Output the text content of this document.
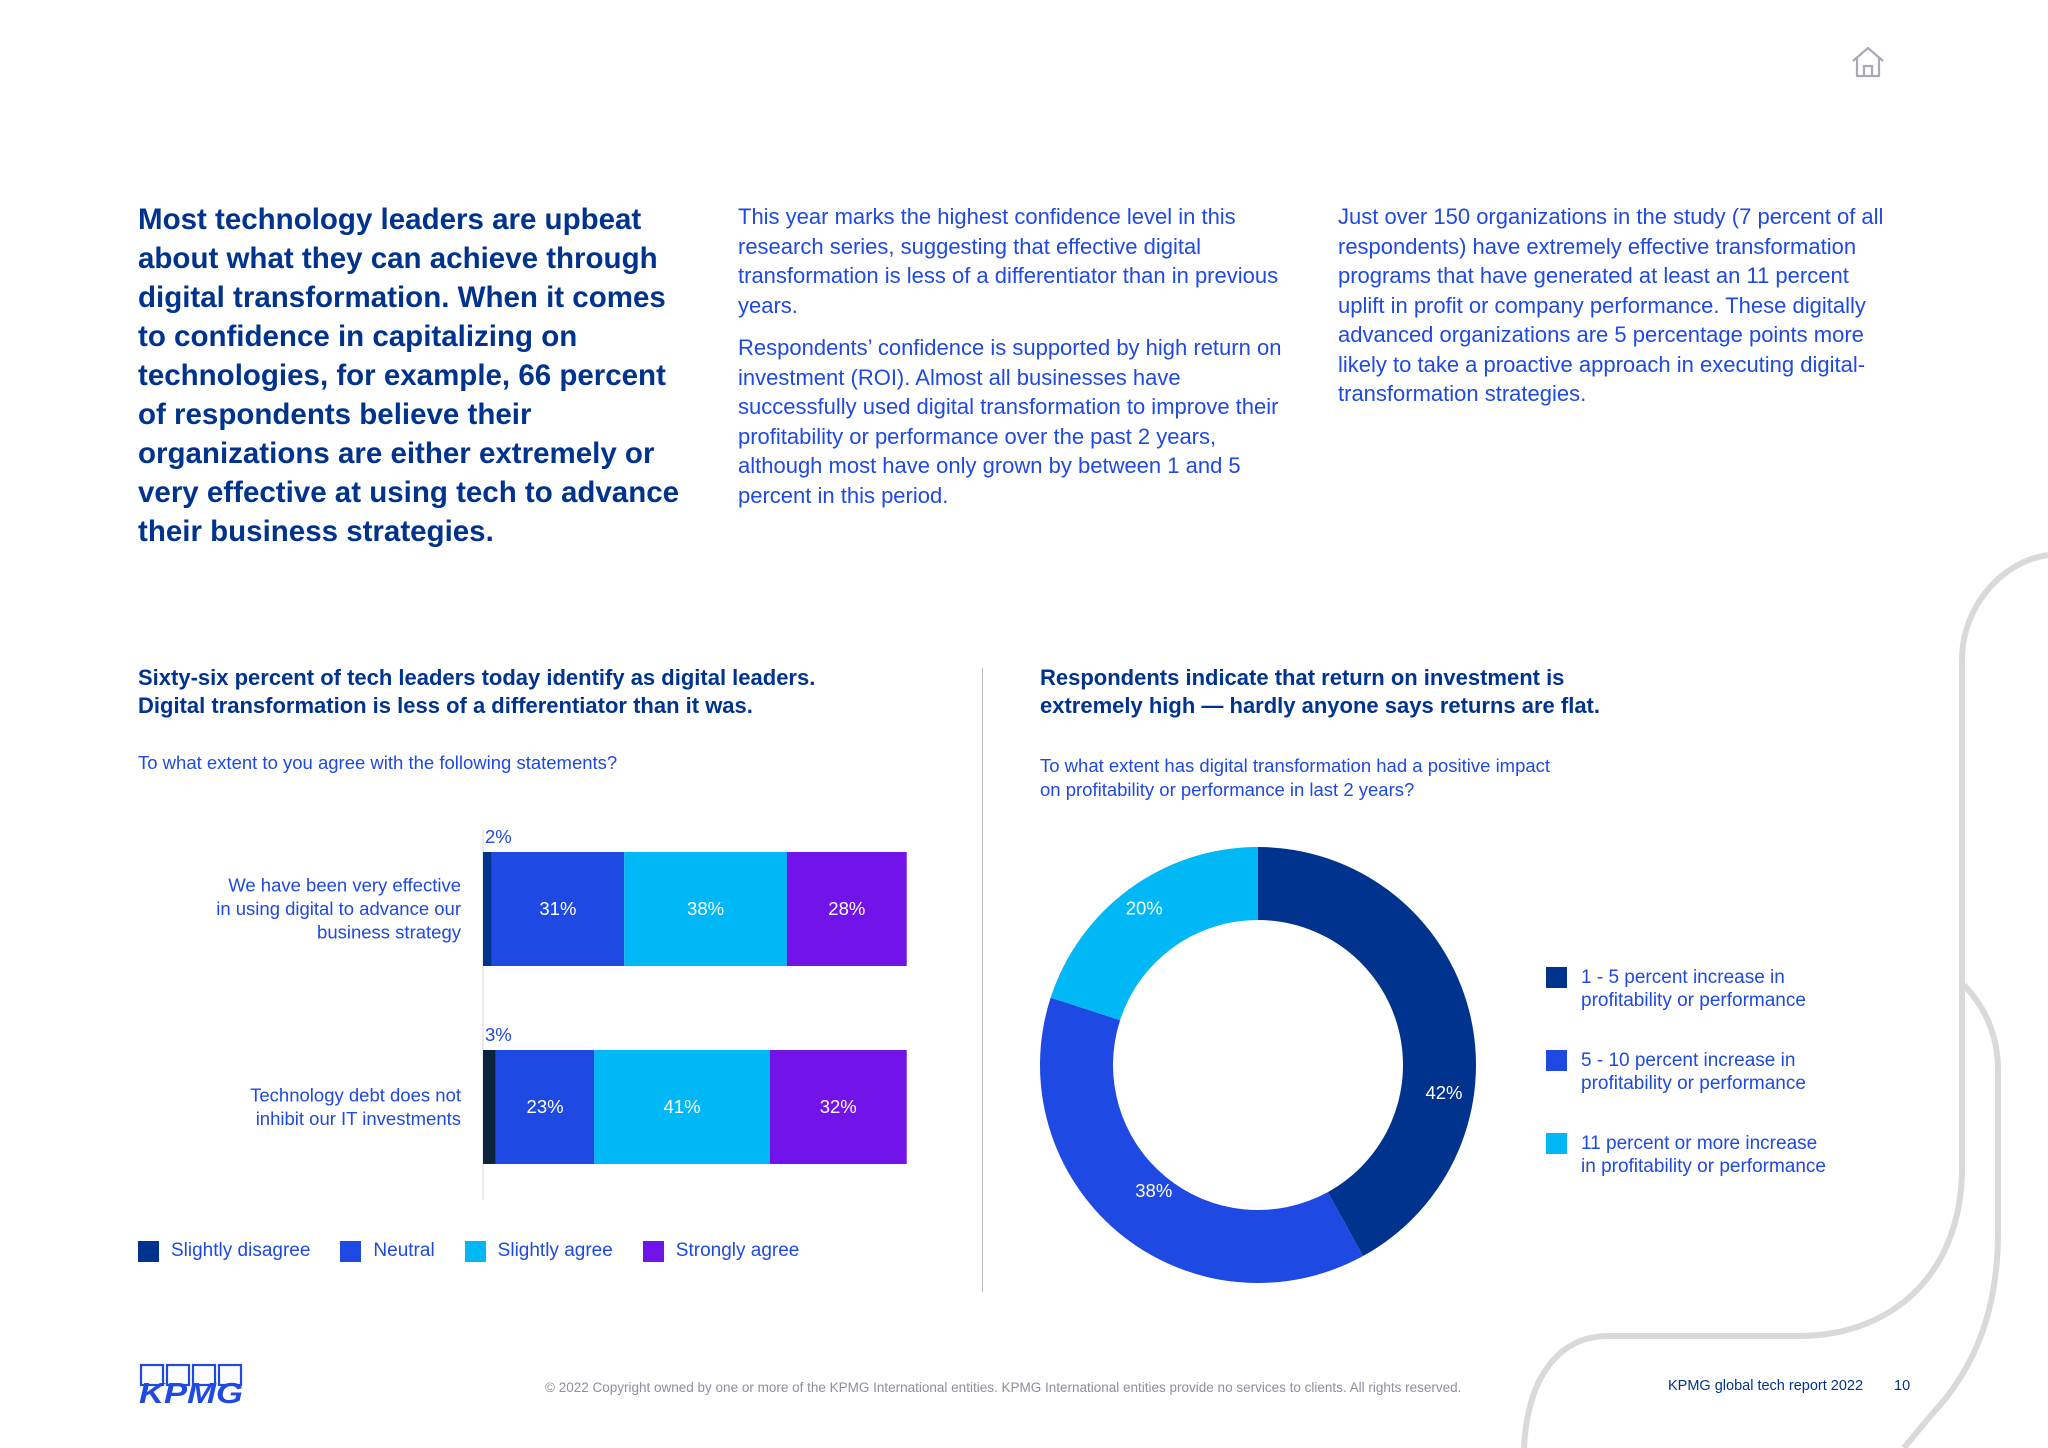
Most technology leaders are upbeat about what they can achieve through digital transformation. When it comes to confidence in capitalizing on technologies, for example, 66 percent of respondents believe their organizations are either extremely or very effective at using tech to advance their business strategies.

This year marks the highest confidence level in this research series, suggesting that effective digital transformation is less of a differentiator than in previous years.

Respondents’ confidence is supported by high return on investment (ROI). Almost all businesses have successfully used digital transformation to improve their profitability or performance over the past 2 years, although most have only grown by between 1 and 5 percent in this period.

Just over 150 organizations in the study (7 percent of all respondents) have extremely effective transformation programs that have generated at least an 11 percent uplift in profit or company performance. These digitally advanced organizations are 5 percentage points more likely to take a proactive approach in executing digital-transformation strategies.

Sixty-six percent of tech leaders today identify as digital leaders.

Digital transformation is less of a differentiator than it was.

To what extent to you agree with the following statements?
We have been very effective
in using digital to advance our
business strategy
2%
31%	38%	28%
Technology debt does not
inhibit our IT investments
3%
23%	41%	32%
Slightly disagree	Neutral	Slightly agree	Strongly agree

Respondents indicate that return on investment is

extremely high — hardly anyone says returns are flat.

To what extent has digital transformation had a positive impact
on profitability or performance in last 2 years?
42%
38%
20%
1 - 5 percent increase in
profitability or performance
5 - 10 percent increase in
profitability or performance
11 percent or more increase
in profitability or performance
KPMG	© 2022 Copyright owned by one or more of the KPMG International entities. KPMG International entities provide no services to clients. All rights reserved.	KPMG global tech report 2022 10
